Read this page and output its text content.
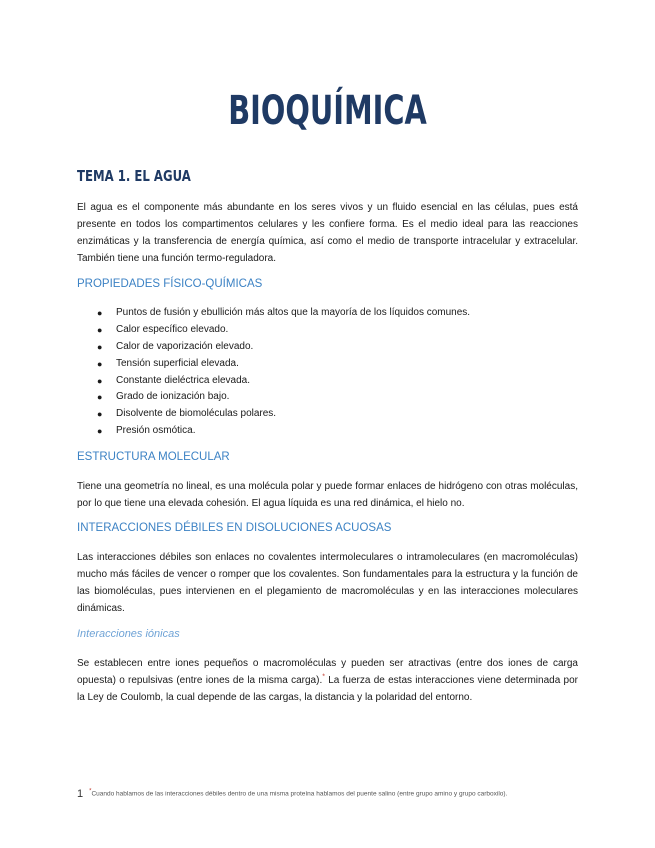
BIOQUÍMICA
TEMA 1. EL AGUA

El agua es el componente más abundante en los seres vivos y un fluido esencial en las células, pues está presente en todos los compartimentos celulares y les confiere forma. Es el medio ideal para las reacciones enzimáticas y la transferencia de energía química, así como el medio de transporte intracelular y extracelular. También tiene una función termo-reguladora.

PROPIEDADES FÍSICO-QUÍMICAS
● Puntos de fusión y ebullición más altos que la mayoría de los líquidos comunes.
● Calor específico elevado.
● Calor de vaporización elevado.
● Tensión superficial elevada.
● Constante dieléctrica elevada.
● Grado de ionización bajo.
● Disolvente de biomoléculas polares.
● Presión osmótica.
ESTRUCTURA MOLECULAR

Tiene una geometría no lineal, es una molécula polar y puede formar enlaces de hidrógeno con otras moléculas, por lo que tiene una elevada cohesión. El agua líquida es una red dinámica, el hielo no.

INTERACCIONES DÉBILES EN DISOLUCIONES ACUOSAS

Las interacciones débiles son enlaces no covalentes intermoleculares o intramoleculares (en macromoléculas) mucho más fáciles de vencer o romper que los covalentes. Son fundamentales para la estructura y la función de las biomoléculas, pues intervienen en el plegamiento de macromoléculas y en las interacciones moleculares dinámicas.

Interacciones iónicas

Se establecen entre iones pequeños o macromoléculas y pueden ser atractivas (entre dos iones de carga opuesta) o repulsivas (entre iones de la misma carga).* La fuerza de estas interacciones viene determinada por la Ley de Coulomb, la cual depende de las cargas, la distancia y la polaridad del entorno.

1 *Cuando hablamos de las interacciones débiles dentro de una misma proteína hablamos del puente salino (entre grupo amino y grupo carboxilo).
